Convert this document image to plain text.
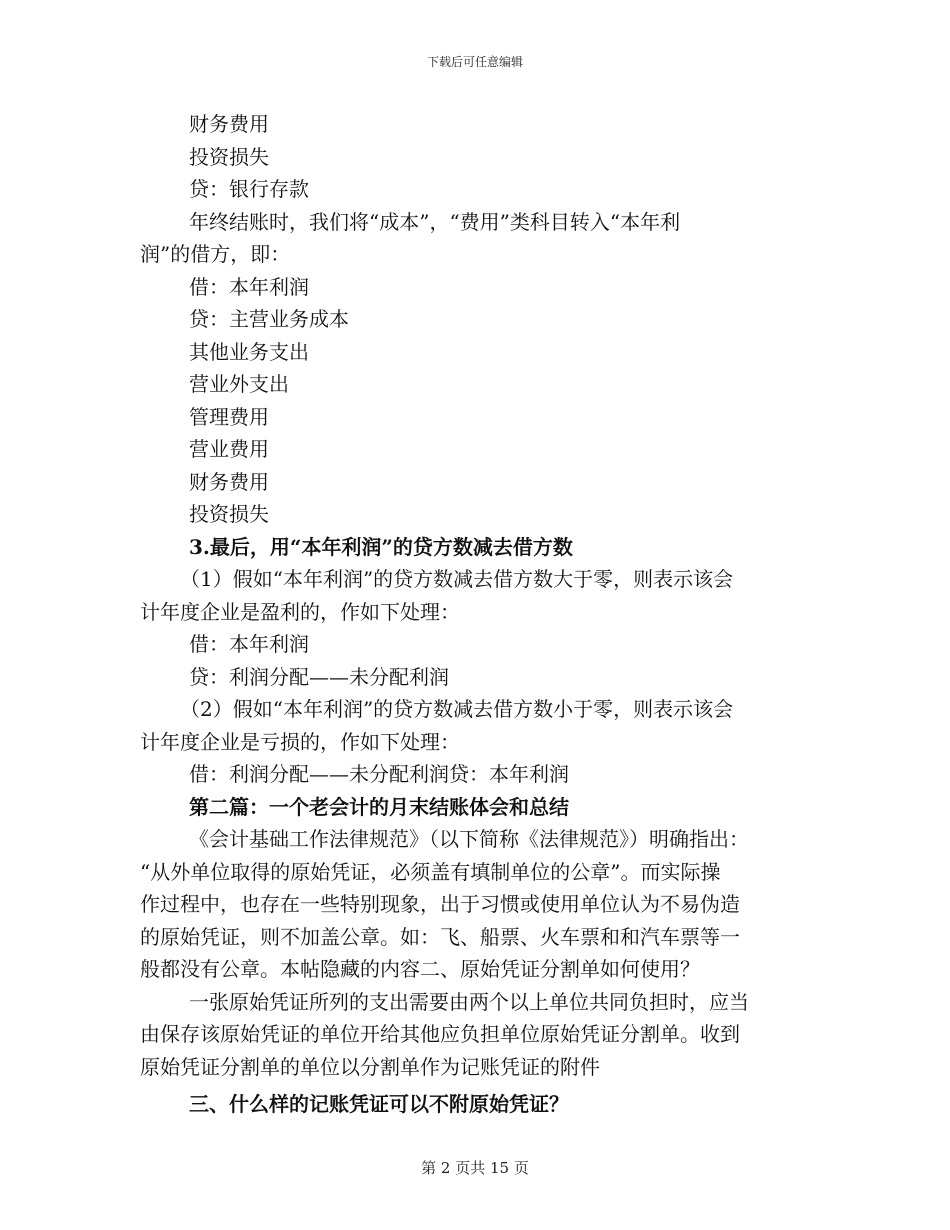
下载后可任意编辑
财务费用
投资损失
贷：银行存款
年终结账时，我们将“成本”，“费用”类科目转入“本年利
润”的借方，即：
借：本年利润
贷：主营业务成本
其他业务支出
营业外支出
管理费用
营业费用
财务费用
投资损失
3.最后，用“本年利润”的贷方数减去借方数
（1）假如“本年利润”的贷方数减去借方数大于零，则表示该会
计年度企业是盈利的，作如下处理：
借：本年利润
贷：利润分配——未分配利润
（2）假如“本年利润”的贷方数减去借方数小于零，则表示该会
计年度企业是亏损的，作如下处理：
借：利润分配——未分配利润贷：本年利润
第二篇：一个老会计的月末结账体会和总结
《会计基础工作法律规范》（以下简称《法律规范》）明确指出：
“从外单位取得的原始凭证，必须盖有填制单位的公章”。而实际操
作过程中，也存在一些特别现象，出于习惯或使用单位认为不易伪造
的原始凭证，则不加盖公章。如：飞、船票、火车票和和汽车票等一
般都没有公章。本帖隐藏的内容二、原始凭证分割单如何使用？
一张原始凭证所列的支出需要由两个以上单位共同负担时，应当
由保存该原始凭证的单位开给其他应负担单位原始凭证分割单。收到
原始凭证分割单的单位以分割单作为记账凭证的附件
三、什么样的记账凭证可以不附原始凭证？
第 2 页共 15 页
